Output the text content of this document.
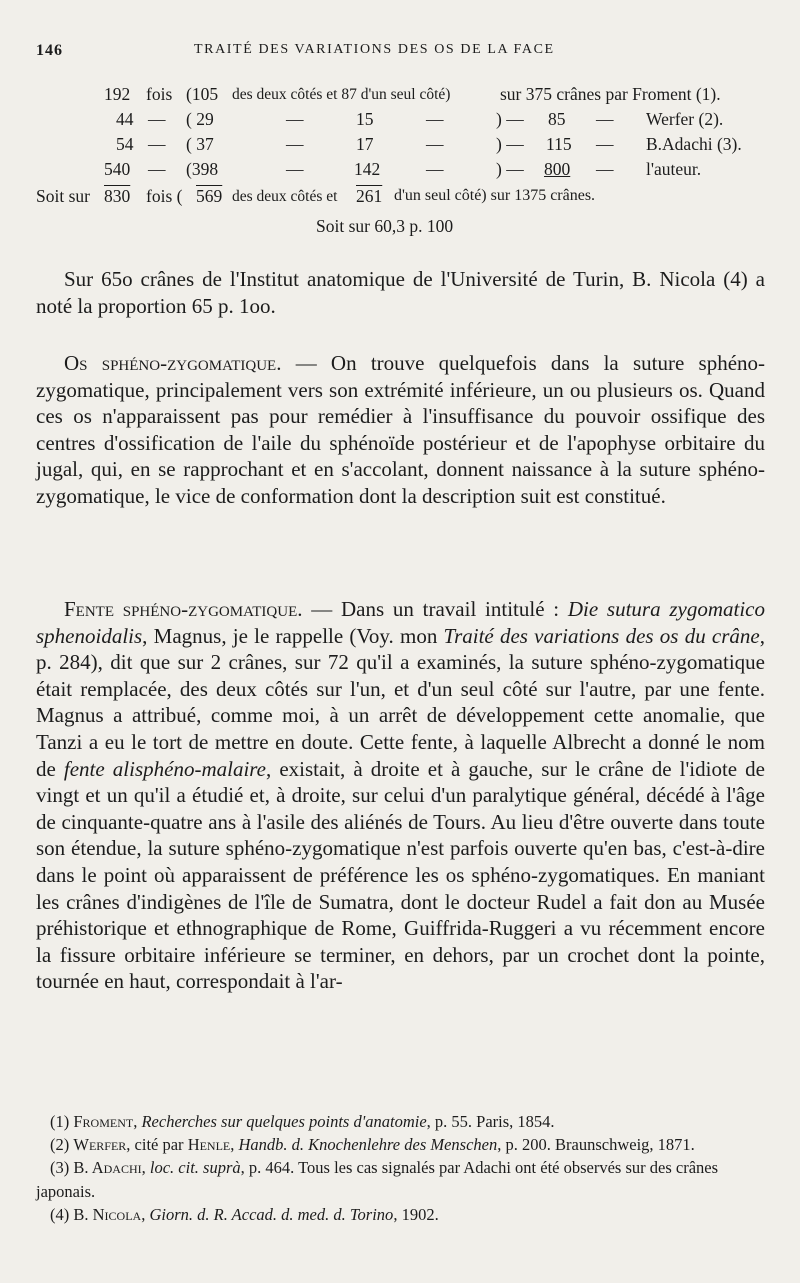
146	TRAITÉ DES VARIATIONS DES OS DE LA FACE
192 fois (105 des deux côtés et 87 d'un seul côté)	sur 375 crânes par Froment (1).
44 — ( 29	—	15	—	) — 85 — Werfer (2).
54 — ( 37	—	17	—	) — 115 — B.Adachi (3).
540 — (398	—	142	—	) — 800 — l'auteur.
Soit sur 830 fois ( 569 des deux côtés et 261 d'un seul côté) sur 1375 crânes.
Soit sur 60,3 p. 100

Sur 65o crânes de l'Institut anatomique de l'Université de Turin, B. Nicola (4) a noté la proportion 65 p. 1oo.

Os sphéno-zygomatique. — On trouve quelquefois dans la suture sphéno-zygomatique, principalement vers son extrémité inférieure, un ou plusieurs os. Quand ces os n'apparaissent pas pour remédier à l'insuffisance du pouvoir ossifique des centres d'ossification de l'aile du sphénoïde postérieur et de l'apophyse orbitaire du jugal, qui, en se rapprochant et en s'accolant, donnent naissance à la suture sphéno-zygomatique, le vice de conformation dont la description suit est constitué.

Fente sphéno-zygomatique. — Dans un travail intitulé : Die sutura zygomatico sphenoidalis, Magnus, je le rappelle (Voy. mon Traité des variations des os du crâne, p. 284), dit que sur 2 crânes, sur 72 qu'il a examinés, la suture sphéno-zygomatique était remplacée, des deux côtés sur l'un, et d'un seul côté sur l'autre, par une fente. Magnus a attribué, comme moi, à un arrêt de développement cette anomalie, que Tanzi a eu le tort de mettre en doute. Cette fente, à laquelle Albrecht a donné le nom de fente alisphéno-malaire, existait, à droite et à gauche, sur le crâne de l'idiote de vingt et un qu'il a étudié et, à droite, sur celui d'un paralytique général, décédé à l'âge de cinquante-quatre ans à l'asile des aliénés de Tours. Au lieu d'être ouverte dans toute son étendue, la suture sphéno-zygomatique n'est parfois ouverte qu'en bas, c'est-à-dire dans le point où apparaissent de préférence les os sphéno-zygomatiques. En maniant les crânes d'indigènes de l'île de Sumatra, dont le docteur Rudel a fait don au Musée préhistorique et ethnographique de Rome, Guiffrida-Ruggeri a vu récemment encore la fissure orbitaire inférieure se terminer, en dehors, par un crochet dont la pointe, tournée en haut, correspondait à l'ar-

(1) Froment, Recherches sur quelques points d'anatomie, p. 55. Paris, 1854.

(2) Werfer, cité par Henle, Handb. d. Knochenlehre des Menschen, p. 200. Braunschweig, 1871.

(3) B. Adachi, loc. cit. suprà, p. 464. Tous les cas signalés par Adachi ont été observés sur des crânes japonais.

(4) B. Nicola, Giorn. d. R. Accad. d. med. d. Torino, 1902.
